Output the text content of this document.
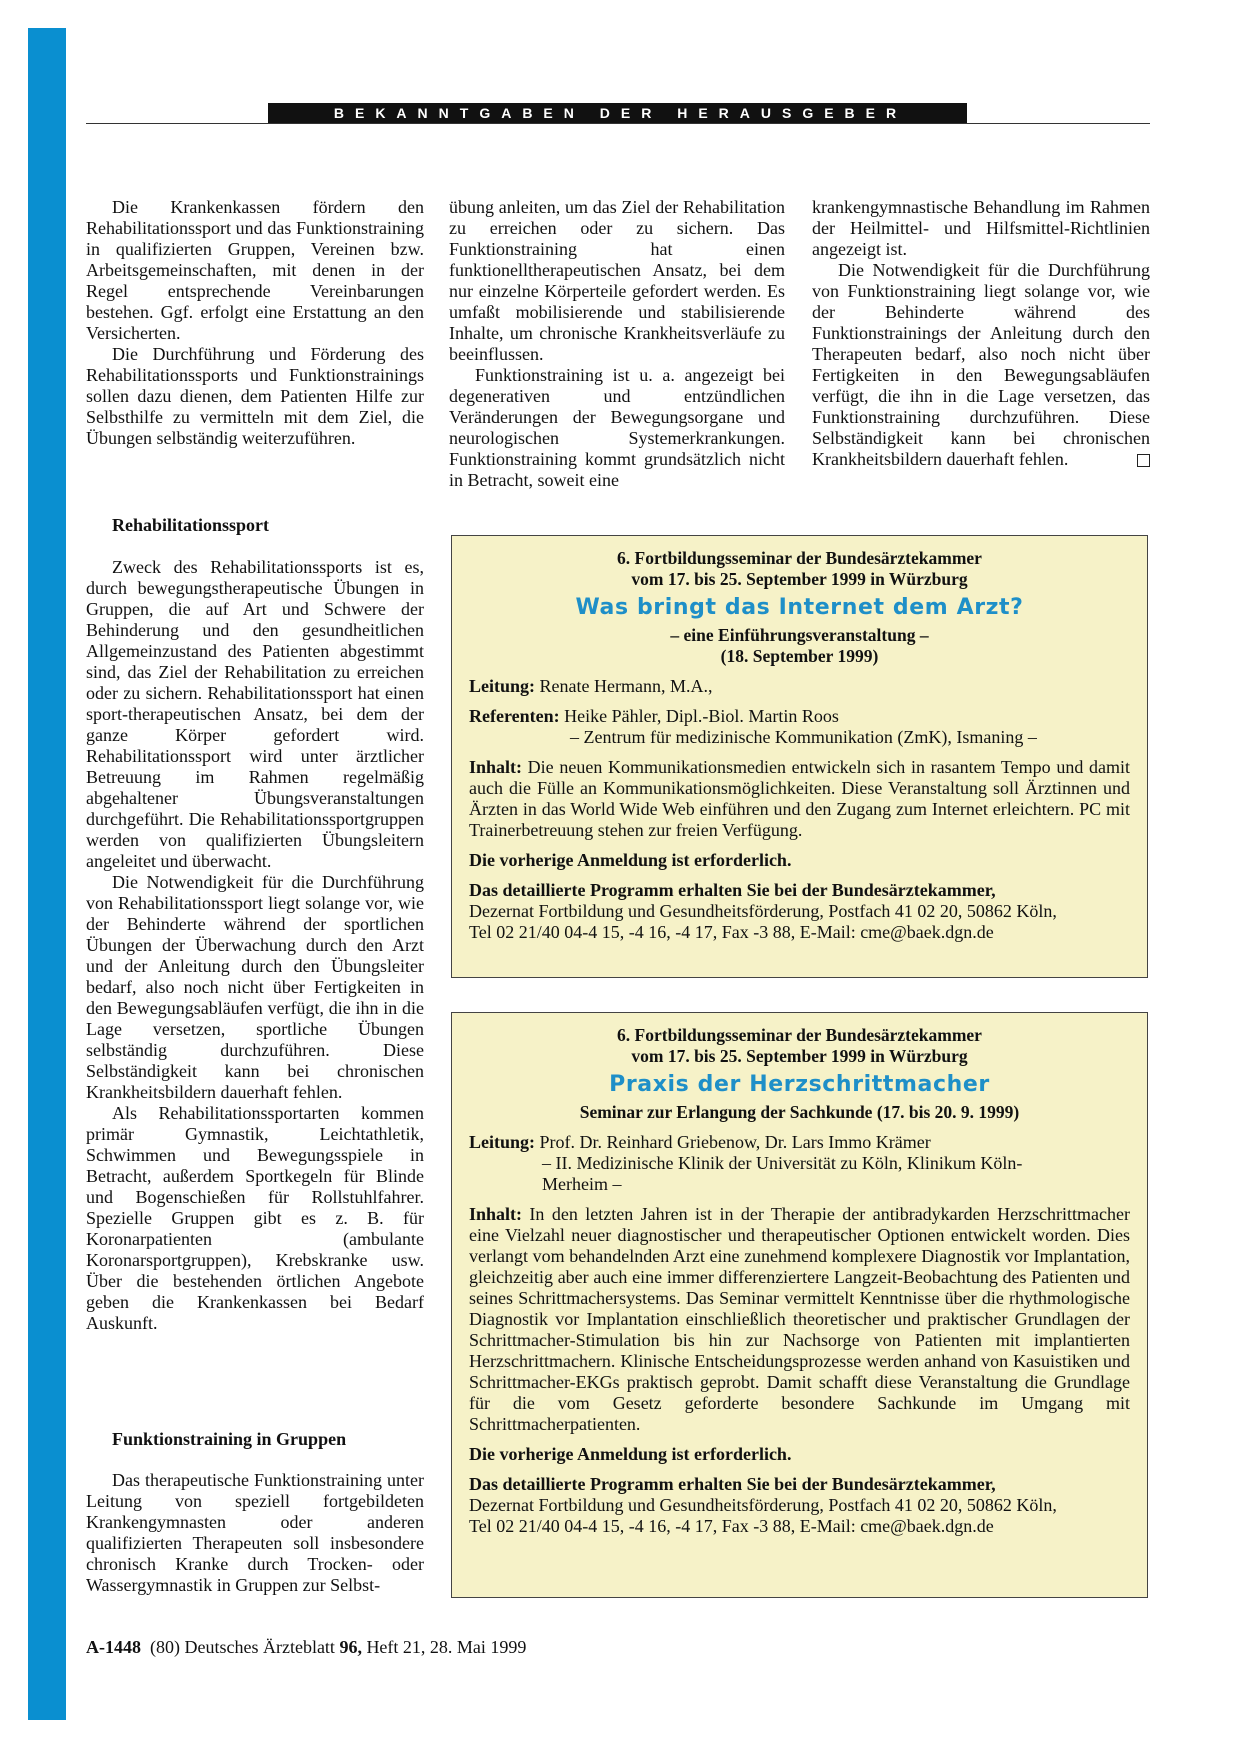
BEKANNTGABEN DER HERAUSGEBER

Die Krankenkassen fördern den Rehabilitationssport und das Funktionstraining in qualifizierten Gruppen, Vereinen bzw. Arbeitsgemeinschaften, mit denen in der Regel entsprechende Vereinbarungen bestehen. Ggf. erfolgt eine Erstattung an den Versicherten.

Die Durchführung und Förderung des Rehabilitationssports und Funktionstrainings sollen dazu dienen, dem Patienten Hilfe zur Selbsthilfe zu vermitteln mit dem Ziel, die Übungen selbständig weiterzuführen.

Rehabilitationssport

Zweck des Rehabilitationssports ist es, durch bewegungstherapeutische Übungen in Gruppen, die auf Art und Schwere der Behinderung und den gesundheitlichen Allgemeinzustand des Patienten abgestimmt sind, das Ziel der Rehabilitation zu erreichen oder zu sichern. Rehabilitationssport hat einen sport-therapeutischen Ansatz, bei dem der ganze Körper gefordert wird. Rehabilitationssport wird unter ärztlicher Betreuung im Rahmen regelmäßig abgehaltener Übungsveranstaltungen durchgeführt. Die Rehabilitationssportgruppen werden von qualifizierten Übungsleitern angeleitet und überwacht.

Die Notwendigkeit für die Durchführung von Rehabilitationssport liegt solange vor, wie der Behinderte während der sportlichen Übungen der Überwachung durch den Arzt und der Anleitung durch den Übungsleiter bedarf, also noch nicht über Fertigkeiten in den Bewegungsabläufen verfügt, die ihn in die Lage versetzen, sportliche Übungen selbständig durchzuführen. Diese Selbständigkeit kann bei chronischen Krankheitsbildern dauerhaft fehlen.

Als Rehabilitationssportarten kommen primär Gymnastik, Leichtathletik, Schwimmen und Bewegungsspiele in Betracht, außerdem Sportkegeln für Blinde und Bogenschießen für Rollstuhlfahrer. Spezielle Gruppen gibt es z. B. für Koronarpatienten (ambulante Koronarsportgruppen), Krebskranke usw. Über die bestehenden örtlichen Angebote geben die Krankenkassen bei Bedarf Auskunft.

Funktionstraining in Gruppen

Das therapeutische Funktionstraining unter Leitung von speziell fortgebildeten Krankengymnasten oder anderen qualifizierten Therapeuten soll insbesondere chronisch Kranke durch Trocken- oder Wassergymnastik in Gruppen zur Selbst-

übung anleiten, um das Ziel der Rehabilitation zu erreichen oder zu sichern. Das Funktionstraining hat einen funktionelltherapeutischen Ansatz, bei dem nur einzelne Körperteile gefordert werden. Es umfaßt mobilisierende und stabilisierende Inhalte, um chronische Krankheitsverläufe zu beeinflussen.

Funktionstraining ist u. a. angezeigt bei degenerativen und entzündlichen Veränderungen der Bewegungsorgane und neurologischen Systemerkrankungen. Funktionstraining kommt grundsätzlich nicht in Betracht, soweit eine

krankengymnastische Behandlung im Rahmen der Heilmittel- und Hilfsmittel-Richtlinien angezeigt ist.

Die Notwendigkeit für die Durchführung von Funktionstraining liegt solange vor, wie der Behinderte während des Funktionstrainings der Anleitung durch den Therapeuten bedarf, also noch nicht über Fertigkeiten in den Bewegungsabläufen verfügt, die ihn in die Lage versetzen, das Funktionstraining durchzuführen. Diese Selbständigkeit kann bei chronischen Krankheitsbildern dauerhaft fehlen.

6. Fortbildungsseminar der Bundesärztekammer
vom 17. bis 25. September 1999 in Würzburg
Was bringt das Internet dem Arzt?
– eine Einführungsveranstaltung –
(18. September 1999)
Leitung: Renate Hermann, M.A.,
Referenten: Heike Pähler, Dipl.-Biol. Martin Roos
– Zentrum für medizinische Kommunikation (ZmK), Ismaning –
Inhalt: Die neuen Kommunikationsmedien entwickeln sich in rasantem Tempo und damit auch die Fülle an Kommunikationsmöglichkeiten. Diese Veranstaltung soll Ärztinnen und Ärzten in das World Wide Web einführen und den Zugang zum Internet erleichtern. PC mit Trainerbetreuung stehen zur freien Verfügung.
Die vorherige Anmeldung ist erforderlich.
Das detaillierte Programm erhalten Sie bei der Bundesärztekammer,
Dezernat Fortbildung und Gesundheitsförderung, Postfach 41 02 20, 50862 Köln,
Tel 02 21/40 04-4 15, -4 16, -4 17, Fax -3 88, E-Mail: cme@baek.dgn.de
6. Fortbildungsseminar der Bundesärztekammer
vom 17. bis 25. September 1999 in Würzburg
Praxis der Herzschrittmacher
Seminar zur Erlangung der Sachkunde (17. bis 20. 9. 1999)
Leitung: Prof. Dr. Reinhard Griebenow, Dr. Lars Immo Krämer
– II. Medizinische Klinik der Universität zu Köln, Klinikum Köln-
Merheim –
Inhalt: In den letzten Jahren ist in der Therapie der antibradykarden Herzschrittmacher eine Vielzahl neuer diagnostischer und therapeutischer Optionen entwickelt worden. Dies verlangt vom behandelnden Arzt eine zunehmend komplexere Diagnostik vor Implantation, gleichzeitig aber auch eine immer differenziertere Langzeit-Beobachtung des Patienten und seines Schrittmachersystems. Das Seminar vermittelt Kenntnisse über die rhythmologische Diagnostik vor Implantation einschließlich theoretischer und praktischer Grundlagen der Schrittmacher-Stimulation bis hin zur Nachsorge von Patienten mit implantierten Herzschrittmachern. Klinische Entscheidungsprozesse werden anhand von Kasuistiken und Schrittmacher-EKGs praktisch geprobt. Damit schafft diese Veranstaltung die Grundlage für die vom Gesetz geforderte besondere Sachkunde im Umgang mit Schrittmacherpatienten.
Die vorherige Anmeldung ist erforderlich.
Das detaillierte Programm erhalten Sie bei der Bundesärztekammer,
Dezernat Fortbildung und Gesundheitsförderung, Postfach 41 02 20, 50862 Köln,
Tel 02 21/40 04-4 15, -4 16, -4 17, Fax -3 88, E-Mail: cme@baek.dgn.de
A-1448  (80) Deutsches Ärzteblatt 96, Heft 21, 28. Mai 1999
